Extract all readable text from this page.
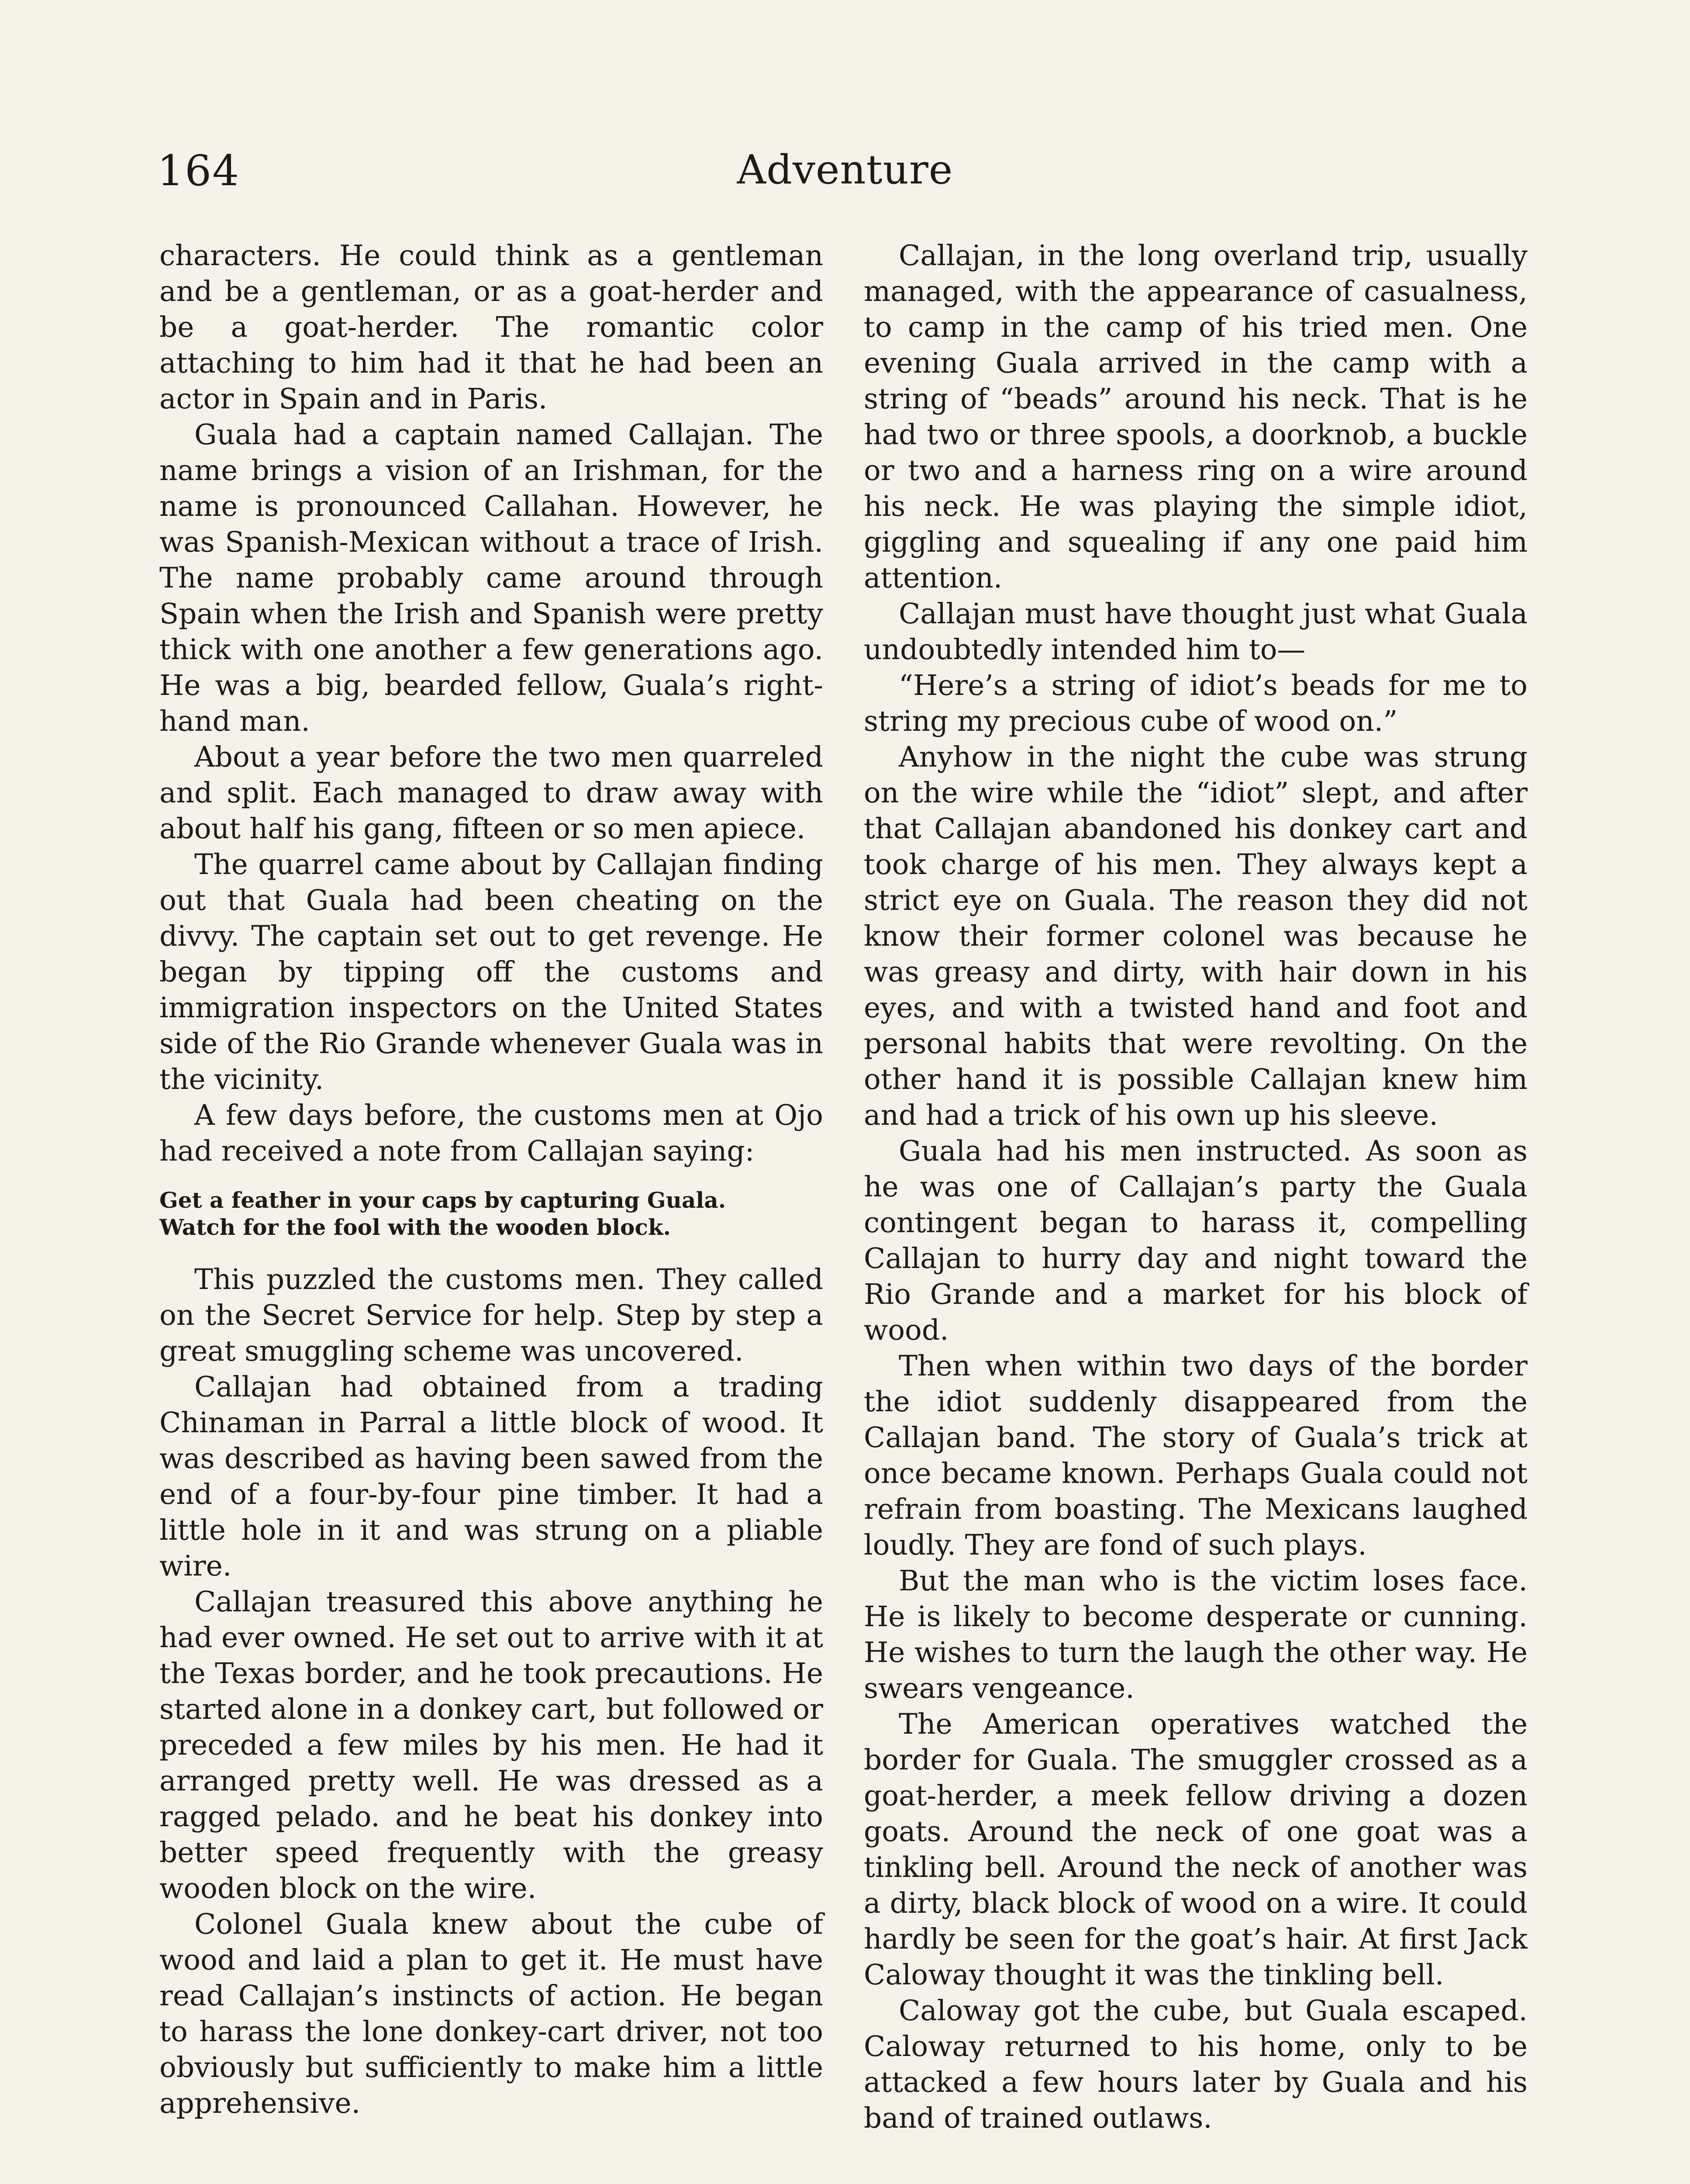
164	Adventure

characters. He could think as a gentleman and be a gentleman, or as a goat-herder and be a goat-herder. The romantic color attaching to him had it that he had been an actor in Spain and in Paris.

Guala had a captain named Callajan. The name brings a vision of an Irishman, for the name is pronounced Callahan. However, he was Spanish-Mexican without a trace of Irish. The name probably came around through Spain when the Irish and Spanish were pretty thick with one another a few generations ago. He was a big, bearded fellow, Guala’s right-hand man.

About a year before the two men quarreled and split. Each managed to draw away with about half his gang, fifteen or so men apiece.

The quarrel came about by Callajan finding out that Guala had been cheating on the divvy. The captain set out to get revenge. He began by tipping off the customs and immigration inspectors on the United States side of the Rio Grande whenever Guala was in the vicinity.

A few days before, the customs men at Ojo had received a note from Callajan saying:

Get a feather in your caps by capturing Guala.
Watch for the fool with the wooden block.

This puzzled the customs men. They called on the Secret Service for help. Step by step a great smuggling scheme was uncovered.

Callajan had obtained from a trading Chinaman in Parral a little block of wood. It was described as having been sawed from the end of a four-by-four pine timber. It had a little hole in it and was strung on a pliable wire.

Callajan treasured this above anything he had ever owned. He set out to arrive with it at the Texas border, and he took precautions. He started alone in a donkey cart, but followed or preceded a few miles by his men. He had it arranged pretty well. He was dressed as a ragged pelado. and he beat his donkey into better speed frequently with the greasy wooden block on the wire.

Colonel Guala knew about the cube of wood and laid a plan to get it. He must have read Callajan’s instincts of action. He began to harass the lone donkey-cart driver, not too obviously but sufficiently to make him a little apprehensive.

Callajan, in the long overland trip, usually managed, with the appearance of casualness, to camp in the camp of his tried men. One evening Guala arrived in the camp with a string of “beads” around his neck. That is he had two or three spools, a doorknob, a buckle or two and a harness ring on a wire around his neck. He was playing the simple idiot, giggling and squealing if any one paid him attention.

Callajan must have thought just what Guala undoubtedly intended him to—

“Here’s a string of idiot’s beads for me to string my precious cube of wood on.”

Anyhow in the night the cube was strung on the wire while the “idiot” slept, and after that Callajan abandoned his donkey cart and took charge of his men. They always kept a strict eye on Guala. The reason they did not know their former colonel was because he was greasy and dirty, with hair down in his eyes, and with a twisted hand and foot and personal habits that were revolting. On the other hand it is possible Callajan knew him and had a trick of his own up his sleeve.

Guala had his men instructed. As soon as he was one of Callajan’s party the Guala contingent began to harass it, compelling Callajan to hurry day and night toward the Rio Grande and a market for his block of wood.

Then when within two days of the border the idiot suddenly disappeared from the Callajan band. The story of Guala’s trick at once became known. Perhaps Guala could not refrain from boasting. The Mexicans laughed loudly. They are fond of such plays.

But the man who is the victim loses face. He is likely to become desperate or cunning. He wishes to turn the laugh the other way. He swears vengeance.

The American operatives watched the border for Guala. The smuggler crossed as a goat-herder, a meek fellow driving a dozen goats. Around the neck of one goat was a tinkling bell. Around the neck of another was a dirty, black block of wood on a wire. It could hardly be seen for the goat’s hair. At first Jack Caloway thought it was the tinkling bell.

Caloway got the cube, but Guala escaped. Caloway returned to his home, only to be attacked a few hours later by Guala and his band of trained outlaws.
